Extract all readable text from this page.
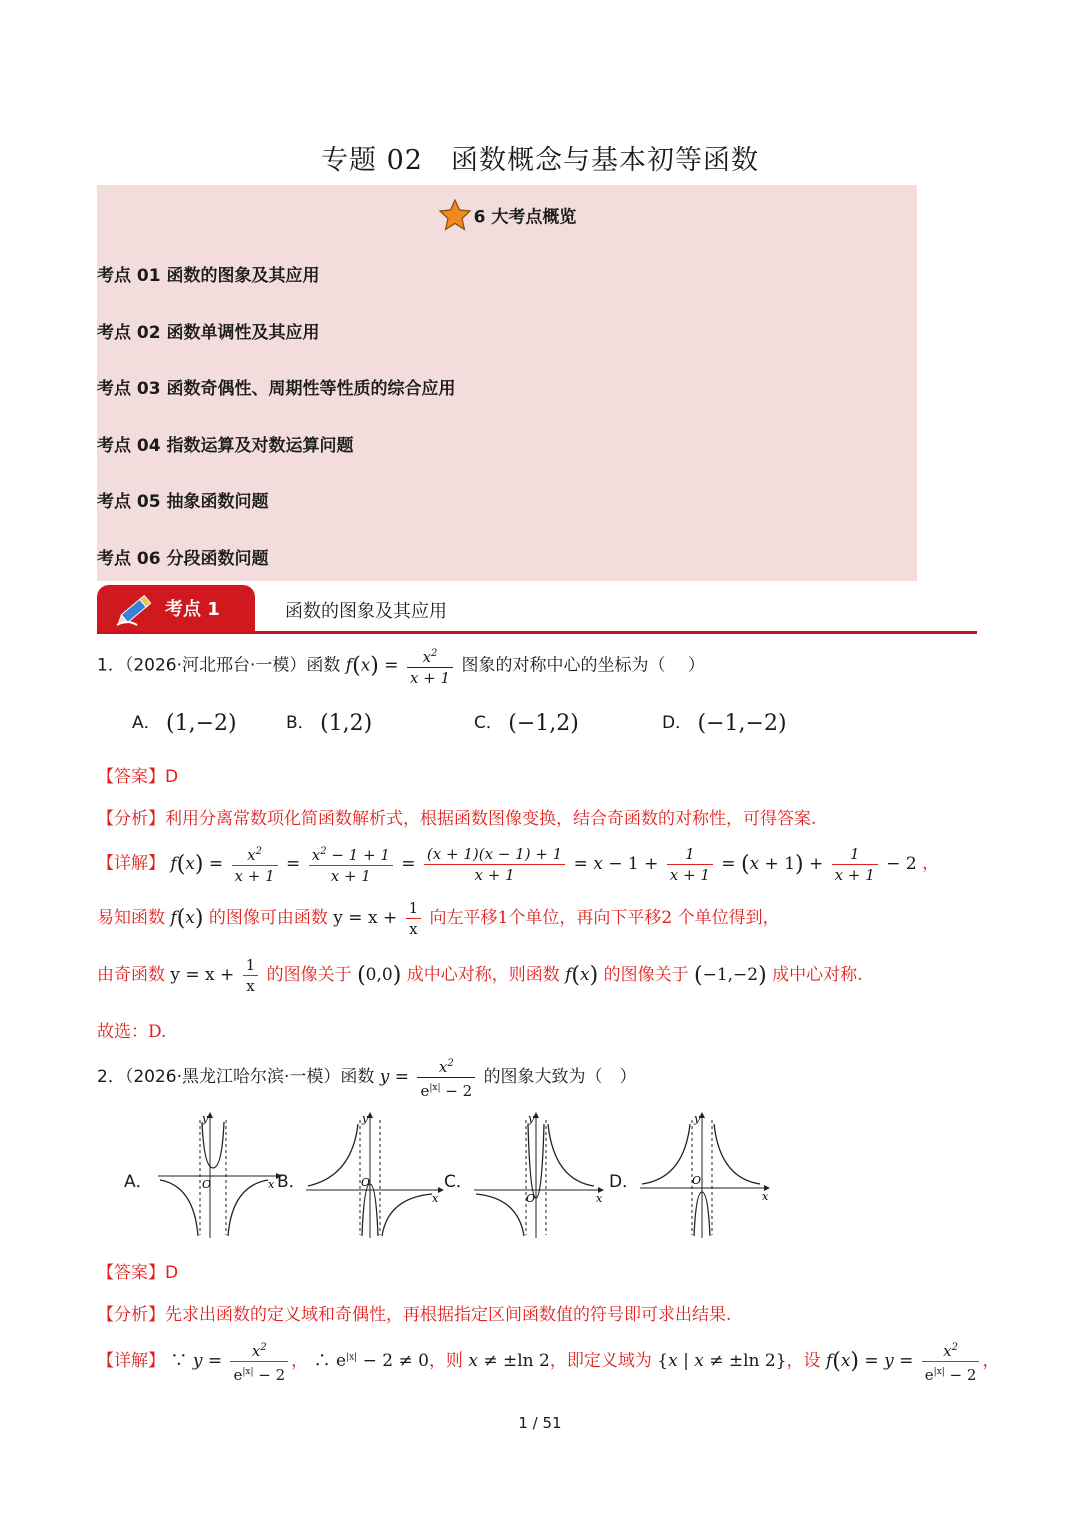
专题 02　函数概念与基本初等函数
6 大考点概览
考点 01 函数的图象及其应用
考点 02 函数单调性及其应用
考点 03 函数奇偶性、周期性等性质的综合应用
考点 04 指数运算及对数运算问题
考点 05 抽象函数问题
考点 06 分段函数问题
考点 1	函数的图象及其应用
1．（2026·河北邢台·一模）函数 $f(x) = \frac{x^2}{x + 1}$ 图象的对称中心的坐标为（　 ）
A． (1,−2)	B． (1,2)	C． (−1,2)	D． (−1,−2)
【答案】D
【分析】利用分离常数项化简函数解析式，根据函数图像变换，结合奇函数的对称性，可得答案.
【详解】 $f(x) = \frac{x^2}{x + 1} = \frac{x^2 - 1 + 1}{x + 1} = \frac{(x + 1)(x - 1) + 1}{x + 1} = x - 1 + \frac{1}{x + 1} = (x + 1) + \frac{1}{x + 1} - 2$ ，
易知函数 f(x) 的图像可由函数 $y = x + \frac{1}{x}$ 向左平移1个单位，再向下平移2 个单位得到，
由奇函数 $y = x + \frac{1}{x}$ 的图像关于 (0,0) 成中心对称，则函数 f(x) 的图像关于 (−1,−2) 成中心对称.
故选：D.
2．（2026·黑龙江哈尔滨·一模）函数 $y = \frac{x^2}{e^{|x|} - 2}$ 的图象大致为（　）
A．	O
y
x B．	O
y
x
C．
O
y
x
D．	O
y
x
【答案】D
【分析】先求出函数的定义域和奇偶性，再根据指定区间函数值的符号即可求出结果.
【详解】 ∵ $y = \frac{x^2}{e^{|x|} - 2}$ ， ∴ $e^{|x|} - 2 \ne 0$，则 x ≠ ±ln 2，即定义域为 {x | x ≠ ±ln 2}，设 $f(x) = y = \frac{x^2}{e^{|x|} - 2}$ ，
1 / 51
